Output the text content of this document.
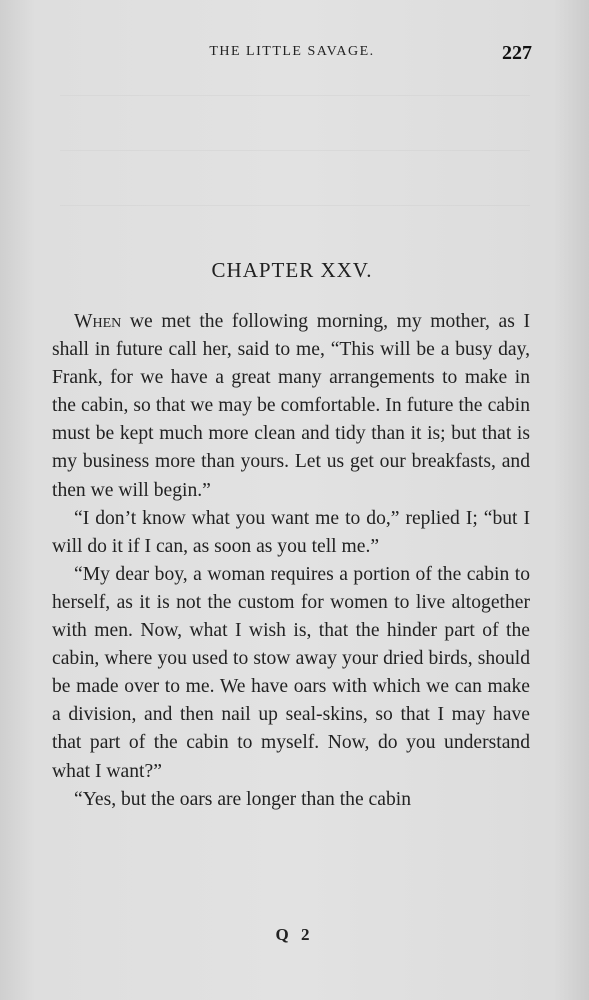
THE LITTLE SAVAGE.	227
CHAPTER XXV.

When we met the following morning, my mother, as I shall in future call her, said to me, “This will be a busy day, Frank, for we have a great many arrangements to make in the cabin, so that we may be comfortable. In future the cabin must be kept much more clean and tidy than it is; but that is my business more than yours. Let us get our breakfasts, and then we will begin.”

“I don’t know what you want me to do,” replied I; “but I will do it if I can, as soon as you tell me.”

“My dear boy, a woman requires a portion of the cabin to herself, as it is not the custom for women to live altogether with men. Now, what I wish is, that the hinder part of the cabin, where you used to stow away your dried birds, should be made over to me. We have oars with which we can make a division, and then nail up seal-skins, so that I may have that part of the cabin to myself. Now, do you understand what I want?”

“Yes, but the oars are longer than the cabin

Q 2
